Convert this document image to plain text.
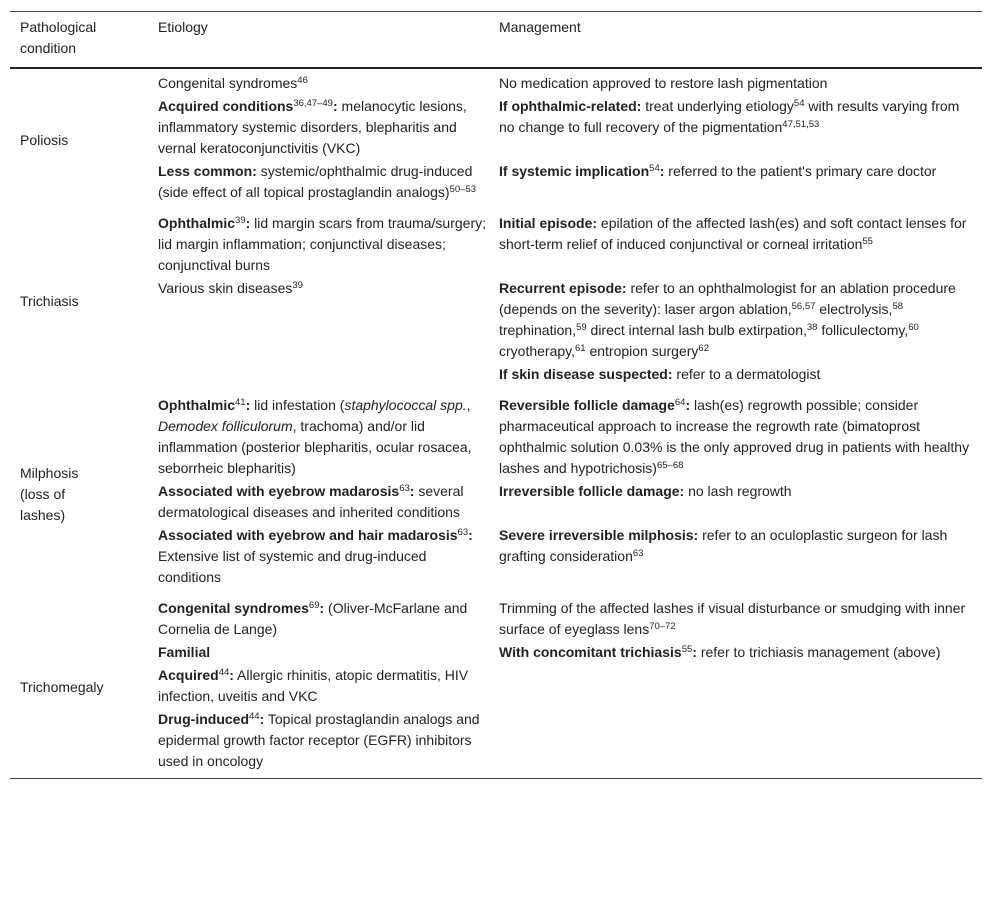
Pathological condition	Etiology	Management
Poliosis	Congenital syndromes$^{46}$	No medication approved to restore lash pigmentation
	Acquired conditions$^{36,47-49}$: melanocytic lesions, inflammatory systemic disorders, blepharitis and vernal keratoconjunctivitis (VKC)	If ophthalmic-related: treat underlying etiology$^{54}$ with results varying from no change to full recovery of the pigmentation$^{47,51,53}$
	Less common: systemic/ophthalmic drug-induced (side effect of all topical prostaglandin analogs)$^{50-53}$	If systemic implication$^{54}$: referred to the patient's primary care doctor
Trichiasis	Ophthalmic$^{39}$: lid margin scars from trauma/surgery; lid margin inflammation; conjunctival diseases; conjunctival burns	Initial episode: epilation of the affected lash(es) and soft contact lenses for short-term relief of induced conjunctival or corneal irritation$^{55}$
	Various skin diseases$^{39}$	Recurrent episode: refer to an ophthalmologist for an ablation procedure (depends on the severity): laser argon ablation,$^{56,57}$ electrolysis,$^{58}$ trephination,$^{59}$ direct internal lash bulb extirpation,$^{38}$ folliculectomy,$^{60}$ cryotherapy,$^{61}$ entropion surgery$^{62}$
		If skin disease suspected: refer to a dermatologist
Milphosis (loss of lashes)	Ophthalmic$^{41}$: lid infestation (staphylococcal spp., Demodex folliculorum, trachoma) and/or lid inflammation (posterior blepharitis, ocular rosacea, seborrheic blepharitis)	Reversible follicle damage$^{64}$: lash(es) regrowth possible; consider pharmaceutical approach to increase the regrowth rate (bimatoprost ophthalmic solution 0.03% is the only approved drug in patients with healthy lashes and hypotrichosis)$^{65-68}$
	Associated with eyebrow madarosis$^{63}$: several dermatological diseases and inherited conditions	Irreversible follicle damage: no lash regrowth
	Associated with eyebrow and hair madarosis$^{63}$: Extensive list of systemic and drug-induced conditions	Severe irreversible milphosis: refer to an oculoplastic surgeon for lash grafting consideration$^{63}$
Trichomegaly	Congenital syndromes$^{69}$: (Oliver-McFarlane and Cornelia de Lange)	Trimming of the affected lashes if visual disturbance or smudging with inner surface of eyeglass lens$^{70-72}$
	Familial	With concomitant trichiasis$^{55}$: refer to trichiasis management (above)
	Acquired$^{44}$: Allergic rhinitis, atopic dermatitis, HIV infection, uveitis and VKC	
	Drug-induced$^{44}$: Topical prostaglandin analogs and epidermal growth factor receptor (EGFR) inhibitors used in oncology	
